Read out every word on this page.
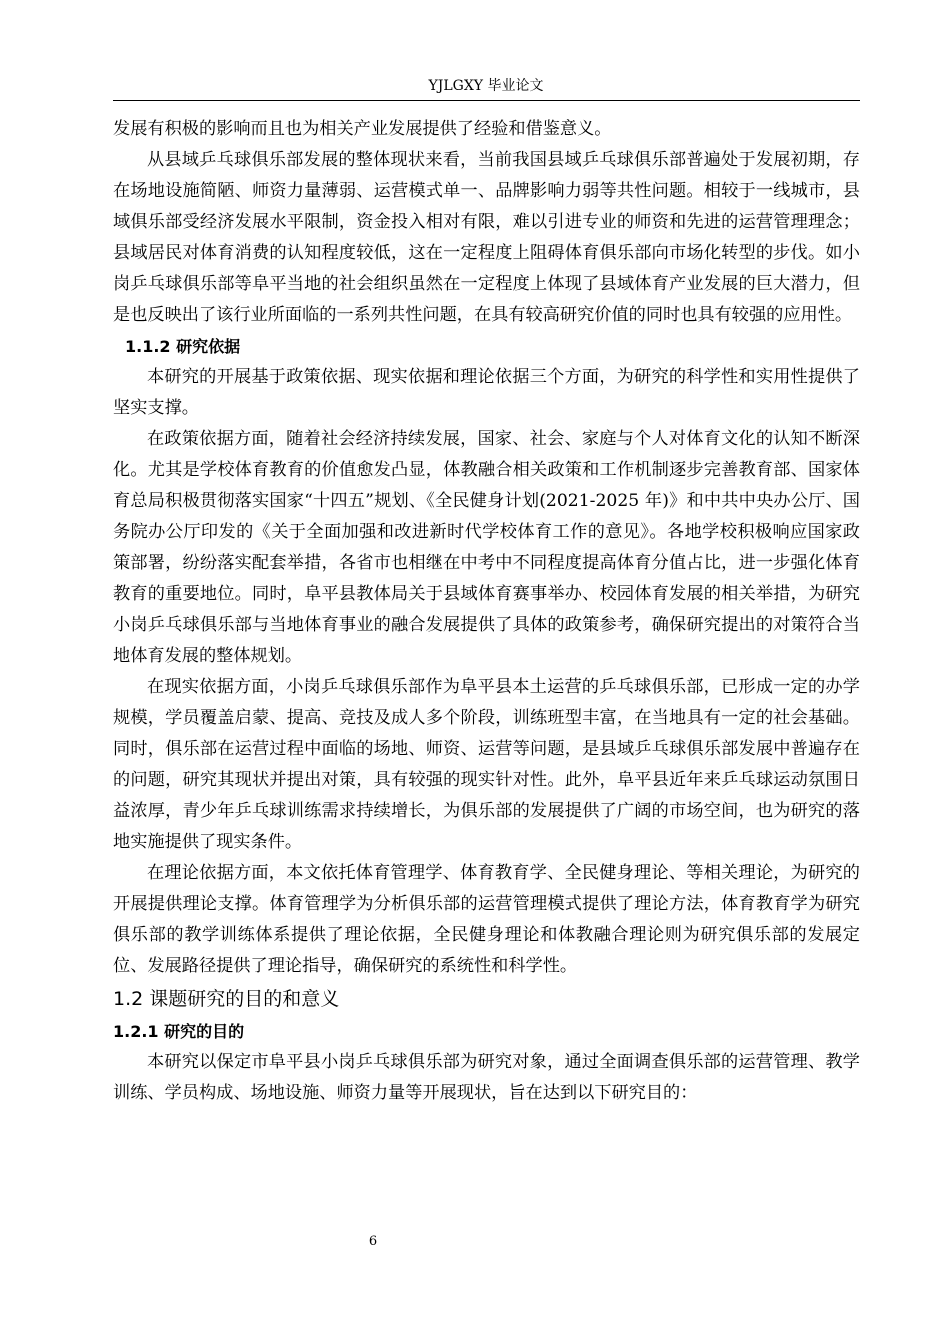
YJLGXY 毕业论文

发展有积极的影响而且也为相关产业发展提供了经验和借鉴意义。

从县域乒乓球俱乐部发展的整体现状来看，当前我国县域乒乓球俱乐部普遍处于发展初期，存在场地设施简陋、师资力量薄弱、运营模式单一、品牌影响力弱等共性问题。相较于一线城市，县域俱乐部受经济发展水平限制，资金投入相对有限，难以引进专业的师资和先进的运营管理理念；县域居民对体育消费的认知程度较低，这在一定程度上阻碍体育俱乐部向市场化转型的步伐。如小岗乒乓球俱乐部等阜平当地的社会组织虽然在一定程度上体现了县域体育产业发展的巨大潜力，但是也反映出了该行业所面临的一系列共性问题，在具有较高研究价值的同时也具有较强的应用性。

1.1.2 研究依据

本研究的开展基于政策依据、现实依据和理论依据三个方面，为研究的科学性和实用性提供了坚实支撑。

在政策依据方面，随着社会经济持续发展，国家、社会、家庭与个人对体育文化的认知不断深化。尤其是学校体育教育的价值愈发凸显，体教融合相关政策和工作机制逐步完善教育部、国家体育总局积极贯彻落实国家“十四五”规划、《全民健身计划(2021-2025 年)》和中共中央办公厅、国务院办公厅印发的《关于全面加强和改进新时代学校体育工作的意见》。各地学校积极响应国家政策部署，纷纷落实配套举措，各省市也相继在中考中不同程度提高体育分值占比，进一步强化体育教育的重要地位。同时，阜平县教体局关于县域体育赛事举办、校园体育发展的相关举措，为研究小岗乒乓球俱乐部与当地体育事业的融合发展提供了具体的政策参考，确保研究提出的对策符合当地体育发展的整体规划。

在现实依据方面，小岗乒乓球俱乐部作为阜平县本土运营的乒乓球俱乐部，已形成一定的办学规模，学员覆盖启蒙、提高、竞技及成人多个阶段，训练班型丰富，在当地具有一定的社会基础。同时，俱乐部在运营过程中面临的场地、师资、运营等问题，是县域乒乓球俱乐部发展中普遍存在的问题，研究其现状并提出对策，具有较强的现实针对性。此外，阜平县近年来乒乓球运动氛围日益浓厚，青少年乒乓球训练需求持续增长，为俱乐部的发展提供了广阔的市场空间，也为研究的落地实施提供了现实条件。

在理论依据方面，本文依托体育管理学、体育教育学、全民健身理论、等相关理论，为研究的开展提供理论支撑。体育管理学为分析俱乐部的运营管理模式提供了理论方法，体育教育学为研究俱乐部的教学训练体系提供了理论依据，全民健身理论和体教融合理论则为研究俱乐部的发展定位、发展路径提供了理论指导，确保研究的系统性和科学性。

1.2 课题研究的目的和意义
1.2.1 研究的目的

本研究以保定市阜平县小岗乒乓球俱乐部为研究对象，通过全面调查俱乐部的运营管理、教学训练、学员构成、场地设施、师资力量等开展现状，旨在达到以下研究目的：

6
